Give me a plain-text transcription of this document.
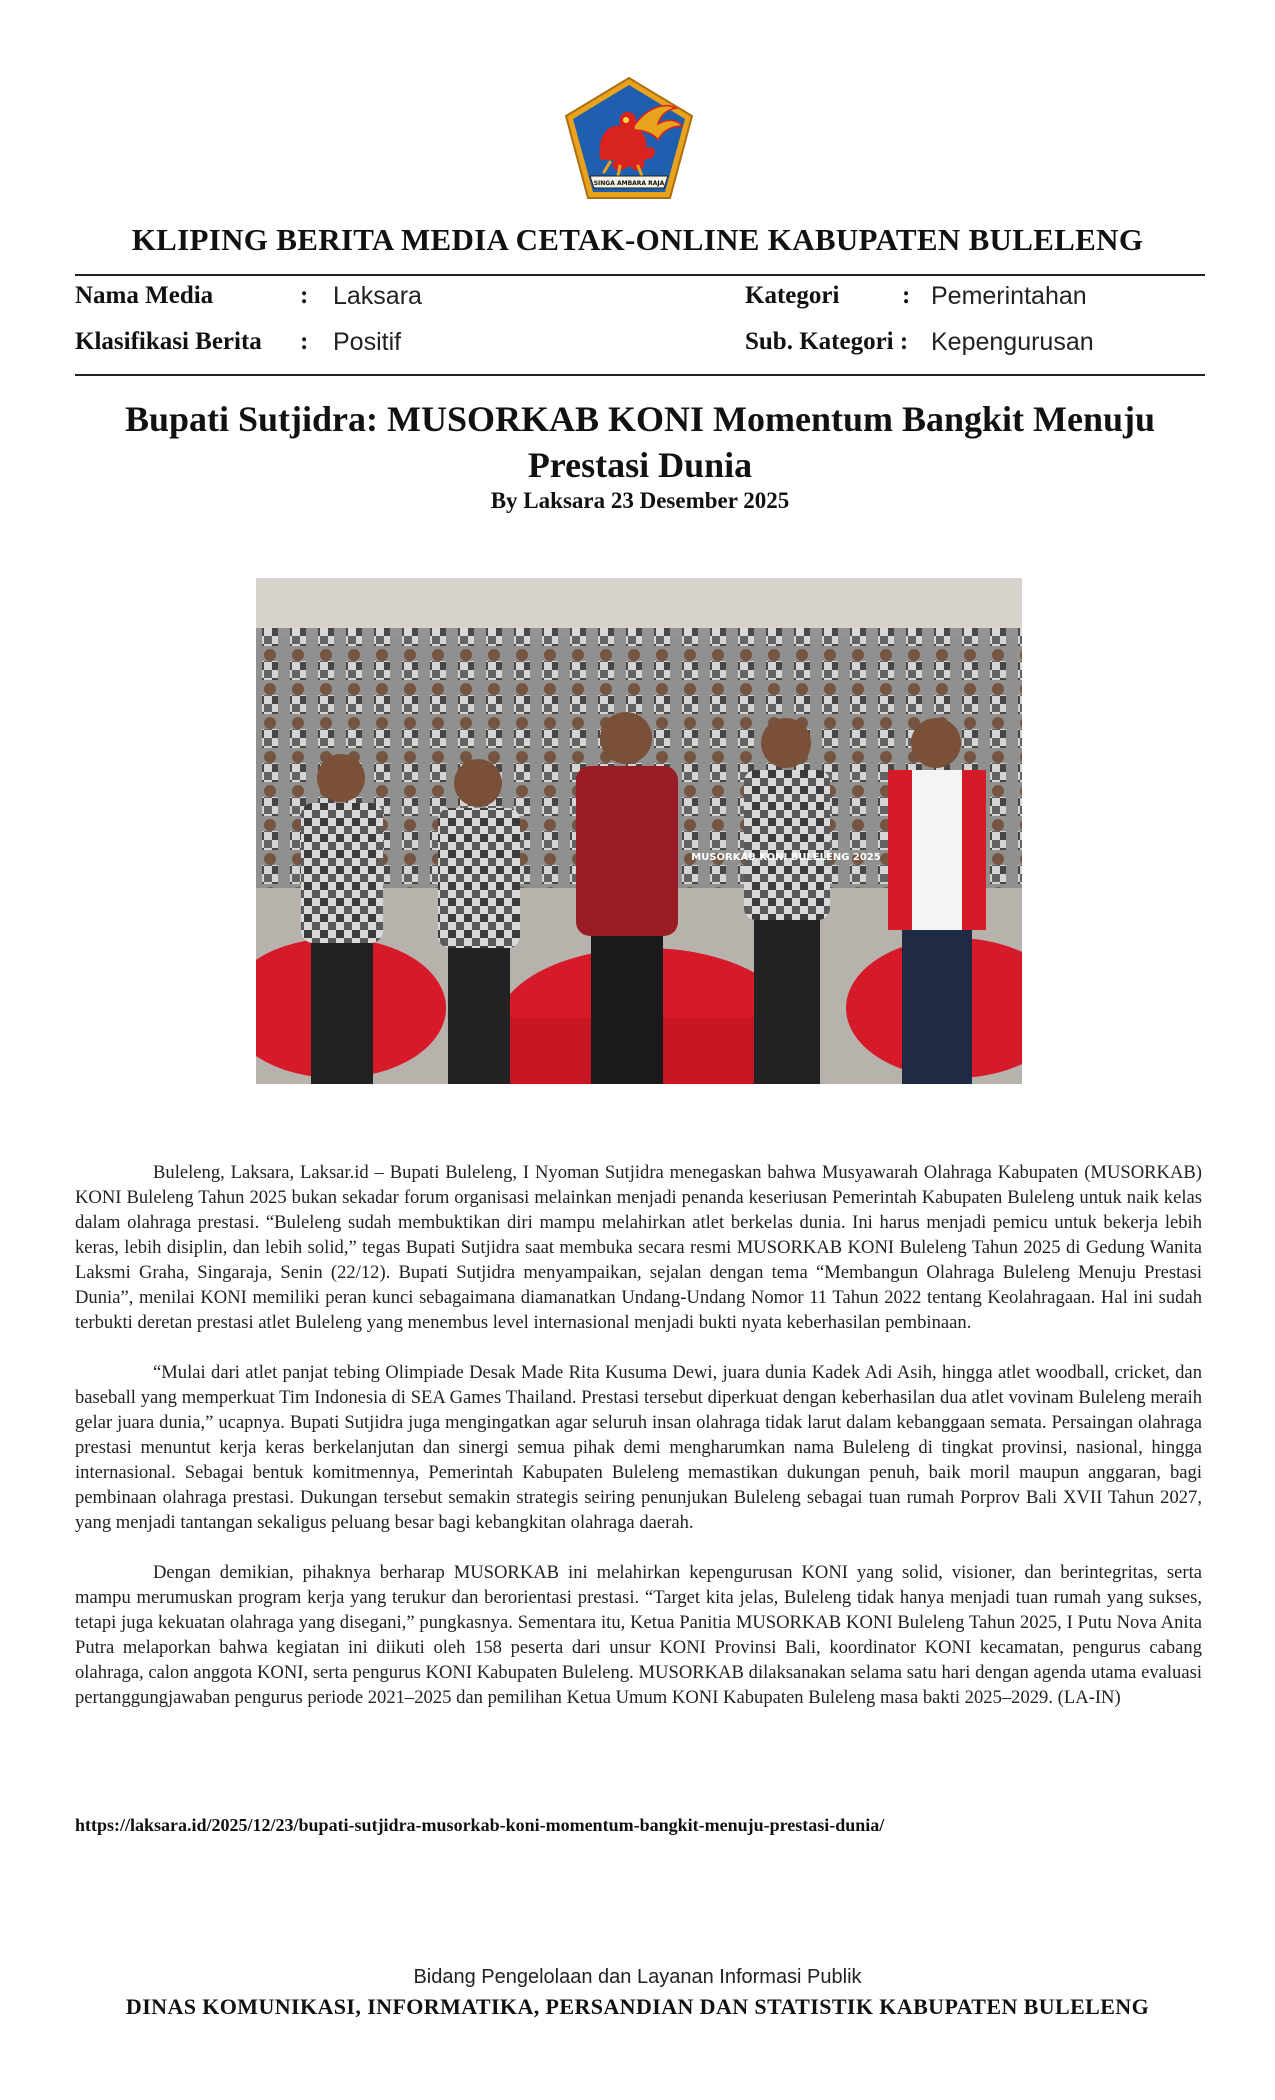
SINGA AMBARA RAJA
KLIPING BERITA MEDIA CETAK-ONLINE KABUPATEN BULELENG
Nama Media	: Laksara
Klasifikasi Berita : Positif
Kategori	: Pemerintahan
Sub. Kategori : Kepengurusan
Bupati Sutjidra: MUSORKAB KONI Momentum Bangkit Menuju Prestasi Dunia
By Laksara 23 Desember 2025
MUSORKAB KONI BULELENG 2025

Buleleng, Laksara, Laksar.id – Bupati Buleleng, I Nyoman Sutjidra menegaskan bahwa Musyawarah Olahraga Kabupaten (MUSORKAB) KONI Buleleng Tahun 2025 bukan sekadar forum organisasi melainkan menjadi penanda keseriusan Pemerintah Kabupaten Buleleng untuk naik kelas dalam olahraga prestasi. “Buleleng sudah membuktikan diri mampu melahirkan atlet berkelas dunia. Ini harus menjadi pemicu untuk bekerja lebih keras, lebih disiplin, dan lebih solid,” tegas Bupati Sutjidra saat membuka secara resmi MUSORKAB KONI Buleleng Tahun 2025 di Gedung Wanita Laksmi Graha, Singaraja, Senin (22/12). Bupati Sutjidra menyampaikan, sejalan dengan tema “Membangun Olahraga Buleleng Menuju Prestasi Dunia”, menilai KONI memiliki peran kunci sebagaimana diamanatkan Undang-Undang Nomor 11 Tahun 2022 tentang Keolahragaan. Hal ini sudah terbukti deretan prestasi atlet Buleleng yang menembus level internasional menjadi bukti nyata keberhasilan pembinaan.

“Mulai dari atlet panjat tebing Olimpiade Desak Made Rita Kusuma Dewi, juara dunia Kadek Adi Asih, hingga atlet woodball, cricket, dan baseball yang memperkuat Tim Indonesia di SEA Games Thailand. Prestasi tersebut diperkuat dengan keberhasilan dua atlet vovinam Buleleng meraih gelar juara dunia,” ucapnya. Bupati Sutjidra juga mengingatkan agar seluruh insan olahraga tidak larut dalam kebanggaan semata. Persaingan olahraga prestasi menuntut kerja keras berkelanjutan dan sinergi semua pihak demi mengharumkan nama Buleleng di tingkat provinsi, nasional, hingga internasional. Sebagai bentuk komitmennya, Pemerintah Kabupaten Buleleng memastikan dukungan penuh, baik moril maupun anggaran, bagi pembinaan olahraga prestasi. Dukungan tersebut semakin strategis seiring penunjukan Buleleng sebagai tuan rumah Porprov Bali XVII Tahun 2027, yang menjadi tantangan sekaligus peluang besar bagi kebangkitan olahraga daerah.

Dengan demikian, pihaknya berharap MUSORKAB ini melahirkan kepengurusan KONI yang solid, visioner, dan berintegritas, serta mampu merumuskan program kerja yang terukur dan berorientasi prestasi. “Target kita jelas, Buleleng tidak hanya menjadi tuan rumah yang sukses, tetapi juga kekuatan olahraga yang disegani,” pungkasnya. Sementara itu, Ketua Panitia MUSORKAB KONI Buleleng Tahun 2025, I Putu Nova Anita Putra melaporkan bahwa kegiatan ini diikuti oleh 158 peserta dari unsur KONI Provinsi Bali, koordinator KONI kecamatan, pengurus cabang olahraga, calon anggota KONI, serta pengurus KONI Kabupaten Buleleng. MUSORKAB dilaksanakan selama satu hari dengan agenda utama evaluasi pertanggungjawaban pengurus periode 2021–2025 dan pemilihan Ketua Umum KONI Kabupaten Buleleng masa bakti 2025–2029. (LA-IN)

https://laksara.id/2025/12/23/bupati-sutjidra-musorkab-koni-momentum-bangkit-menuju-prestasi-dunia/
Bidang Pengelolaan dan Layanan Informasi Publik
DINAS KOMUNIKASI, INFORMATIKA, PERSANDIAN DAN STATISTIK KABUPATEN BULELENG
